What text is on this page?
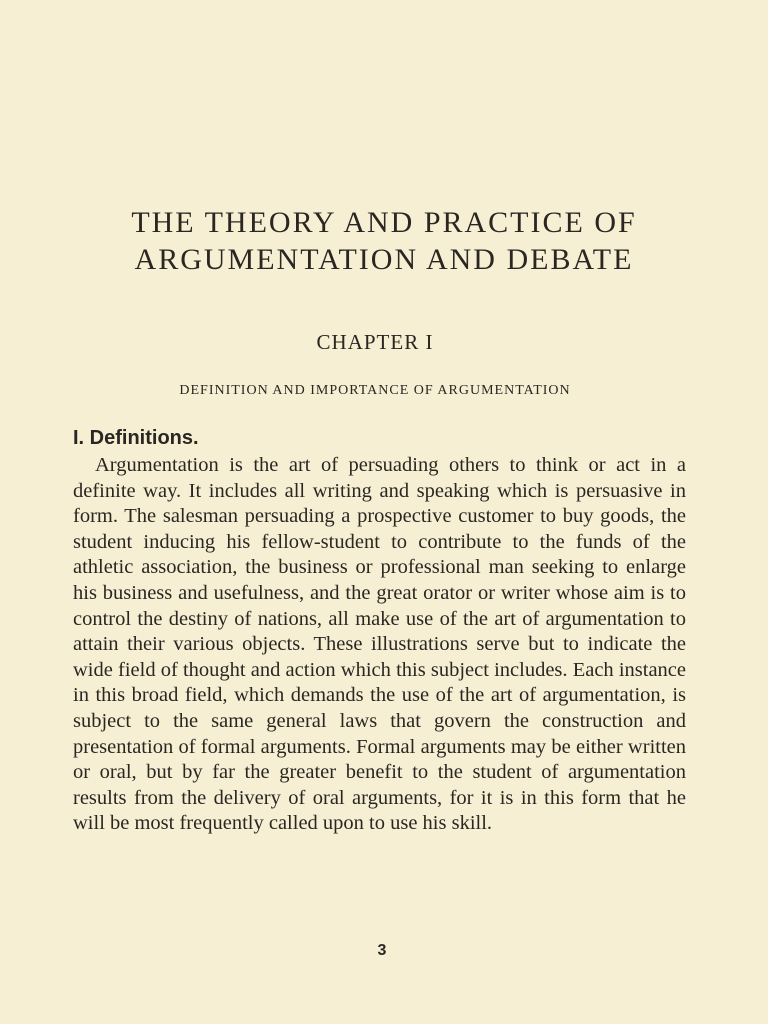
THE THEORY AND PRACTICE OF
ARGUMENTATION AND DEBATE
CHAPTER I
DEFINITION AND IMPORTANCE OF ARGUMENTATION
I. Definitions.

Argumentation is the art of persuading others to think or act in a definite way. It includes all writing and speaking which is persuasive in form. The salesman persuading a prospective customer to buy goods, the student inducing his fellow-student to contribute to the funds of the athletic association, the business or professional man seeking to enlarge his business and usefulness, and the great orator or writer whose aim is to control the destiny of nations, all make use of the art of argumentation to attain their various objects. These illustrations serve but to indicate the wide field of thought and action which this subject includes. Each instance in this broad field, which demands the use of the art of argumentation, is subject to the same general laws that govern the construction and presentation of formal arguments. Formal arguments may be either written or oral, but by far the greater benefit to the student of argumentation results from the delivery of oral arguments, for it is in this form that he will be most frequently called upon to use his skill.

3
